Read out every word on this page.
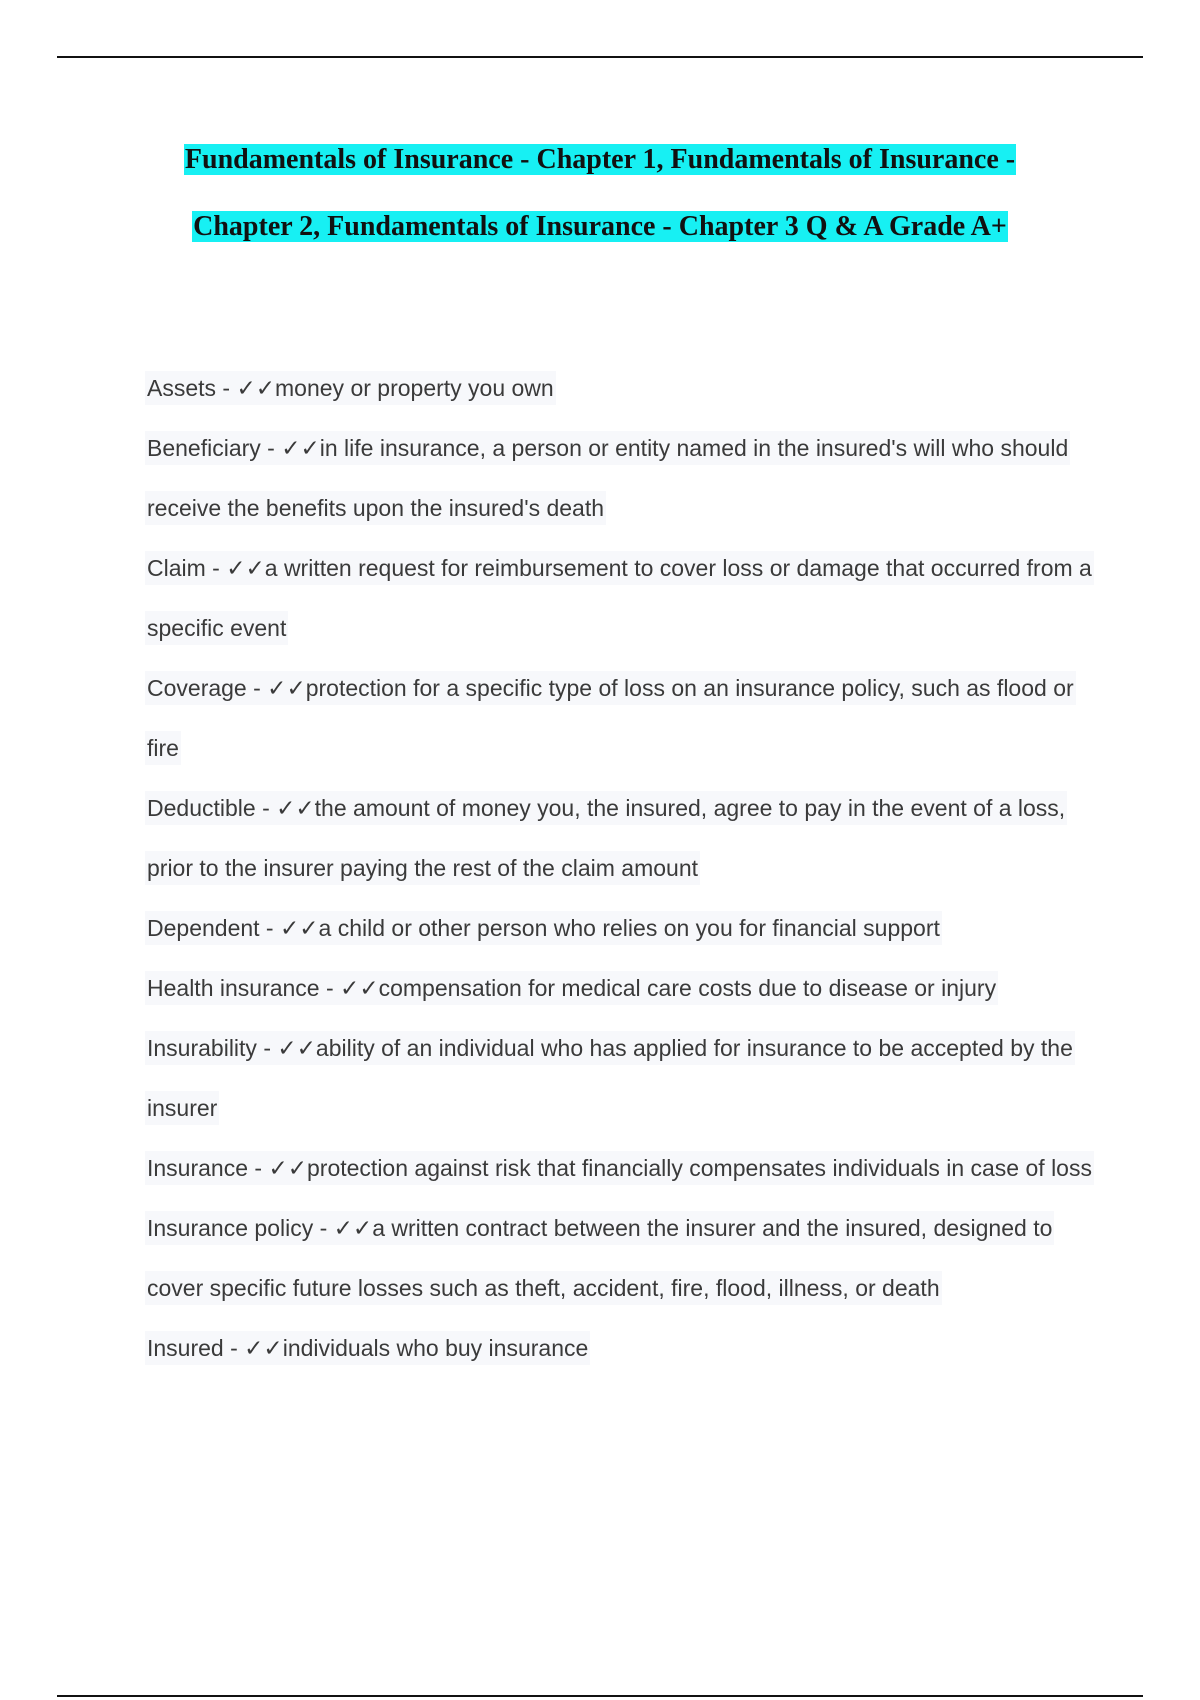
Fundamentals of Insurance - Chapter 1, Fundamentals of Insurance -
Chapter 2, Fundamentals of Insurance - Chapter 3 Q & A Grade A+

Assets - ✓✓money or property you own

Beneficiary - ✓✓in life insurance, a person or entity named in the insured's will who should receive the benefits upon the insured's death

Claim - ✓✓a written request for reimbursement to cover loss or damage that occurred from a specific event

Coverage - ✓✓protection for a specific type of loss on an insurance policy, such as flood or fire

Deductible - ✓✓the amount of money you, the insured, agree to pay in the event of a loss, prior to the insurer paying the rest of the claim amount

Dependent - ✓✓a child or other person who relies on you for financial support

Health insurance - ✓✓compensation for medical care costs due to disease or injury

Insurability - ✓✓ability of an individual who has applied for insurance to be accepted by the insurer

Insurance - ✓✓protection against risk that financially compensates individuals in case of loss

Insurance policy - ✓✓a written contract between the insurer and the insured, designed to cover specific future losses such as theft, accident, fire, flood, illness, or death

Insured - ✓✓individuals who buy insurance
